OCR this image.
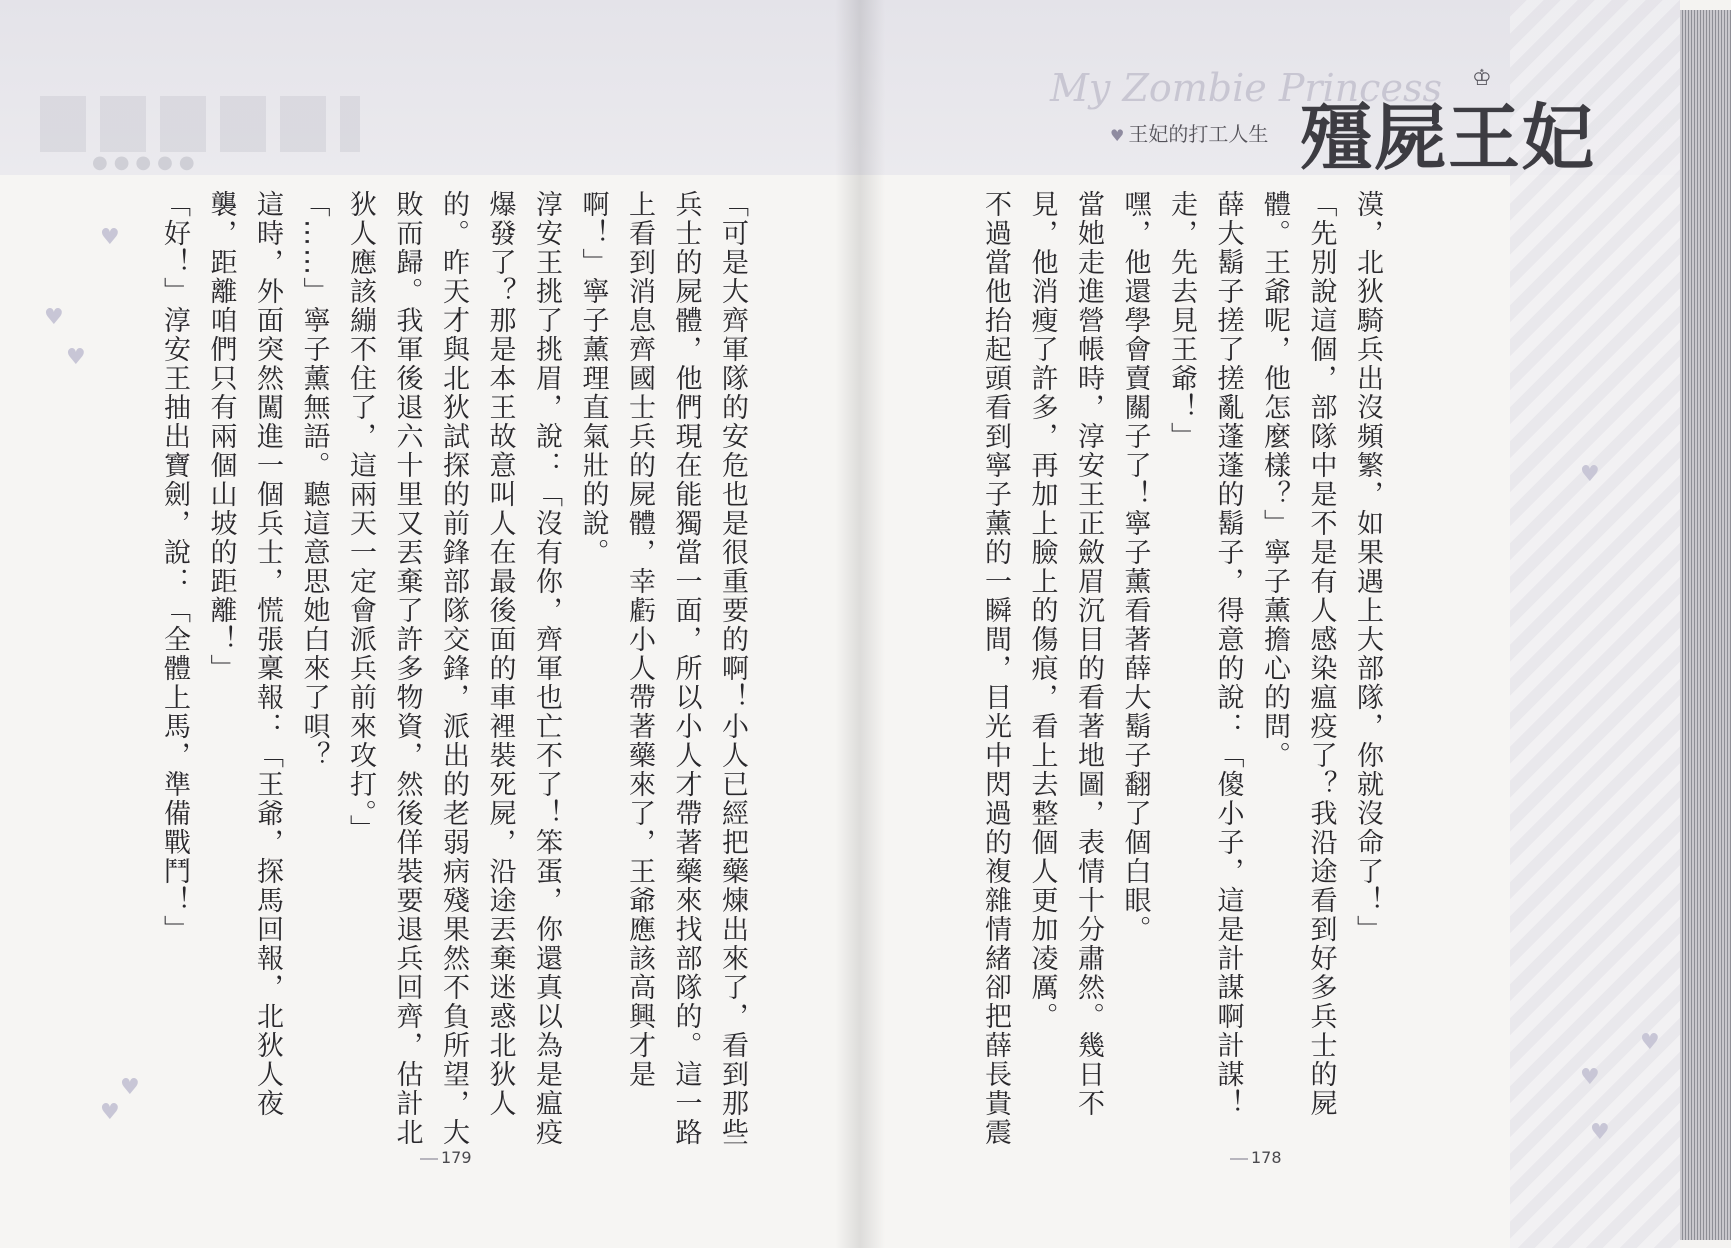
●●●●●
♥
♥
♥
♥
♥	「可是大齊軍隊的安危也是很重要的啊！小人已經把藥煉出來了，看到那些兵士的屍體，他們現在能獨當一面，所以小人才帶著藥來找部隊的。這一路上看到消息齊國士兵的屍體，幸虧小人帶著藥來了，王爺應該高興才是啊！」寧子薰理直氣壯的說。

淳安王挑了挑眉，說：「沒有你，齊軍也亡不了！笨蛋，你還真以為是瘟疫爆發了？那是本王故意叫人在最後面的車裡裝死屍，沿途丟棄迷惑北狄人的。昨天才與北狄試探的前鋒部隊交鋒，派出的老弱病殘果然不負所望，大敗而歸。我軍後退六十里又丟棄了許多物資，然後佯裝要退兵回齊，估計北狄人應該繃不住了，這兩天一定會派兵前來攻打。」

「……」寧子薰無語。聽這意思她白來了唄？

這時，外面突然闖進一個兵士，慌張稟報：「王爺，探馬回報，北狄人夜襲，距離咱們只有兩個山坡的距離！」

「好！」淳安王抽出寶劍，說：「全體上馬，準備戰鬥！」

179
My Zombie Princess
♥ 王妃的打工人生
♔
殭屍王妃
♥
♥
♥
♥

漠，北狄騎兵出沒頻繁，如果遇上大部隊，你就沒命了！」

「先別說這個，部隊中是不是有人感染瘟疫了？我沿途看到好多兵士的屍體。王爺呢，他怎麼樣？」寧子薰擔心的問。

薛大鬍子搓了搓亂蓬蓬的鬍子，得意的說：「傻小子，這是計謀啊計謀！走，先去見王爺！」

嘿，他還學會賣關子了！寧子薰看著薛大鬍子翻了個白眼。

當她走進營帳時，淳安王正斂眉沉目的看著地圖，表情十分肅然。幾日不見，他消瘦了許多，再加上臉上的傷痕，看上去整個人更加凌厲。

不過當他抬起頭看到寧子薰的一瞬間，目光中閃過的複雜情緒卻把薛長貴震

178
